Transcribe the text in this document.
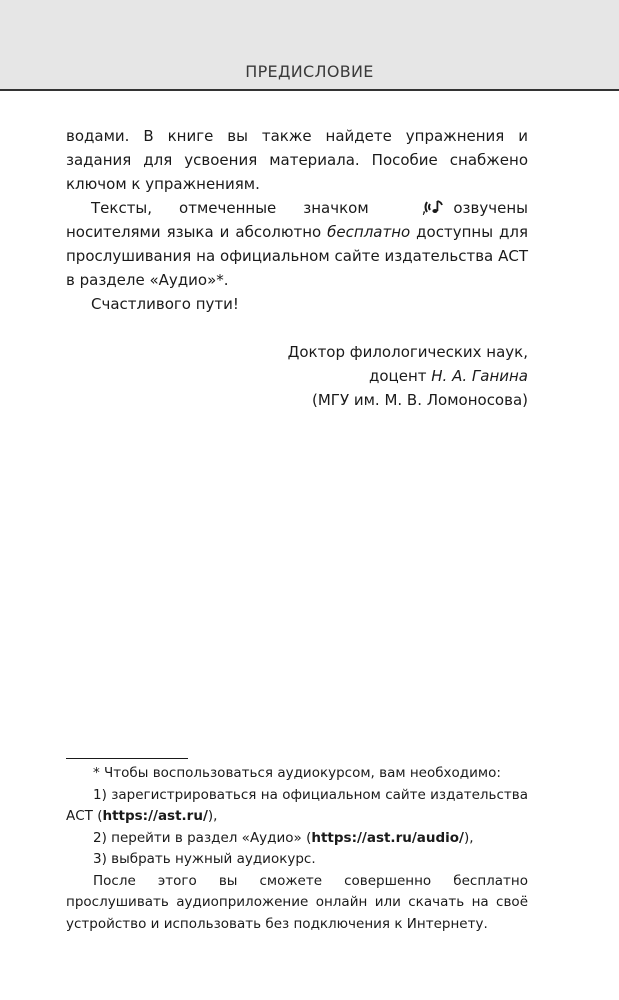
ПРЕДИСЛОВИЕ

водами. В книге вы также найдете упражнения и задания для усвоения материала. Пособие снабжено ключом к упражнениям.

Тексты, отмеченные значком	, озвучены носителями языка и абсолютно бесплатно доступны для прослушивания на официальном сайте издательства АСТ в разделе «Аудио»*.

Счастливого пути!

Доктор филологических наук,
доцент Н. А. Ганина
(МГУ им. М. В. Ломоносова)

* Чтобы воспользоваться аудиокурсом, вам необходимо:

1) зарегистрироваться на официальном сайте издательства АСТ (https://ast.ru/),

2) перейти в раздел «Аудио» (https://ast.ru/audio/),

3) выбрать нужный аудиокурс.

После этого вы сможете совершенно бесплатно прослушивать аудиоприложение онлайн или скачать на своё устройство и использовать без подключения к Интернету.
